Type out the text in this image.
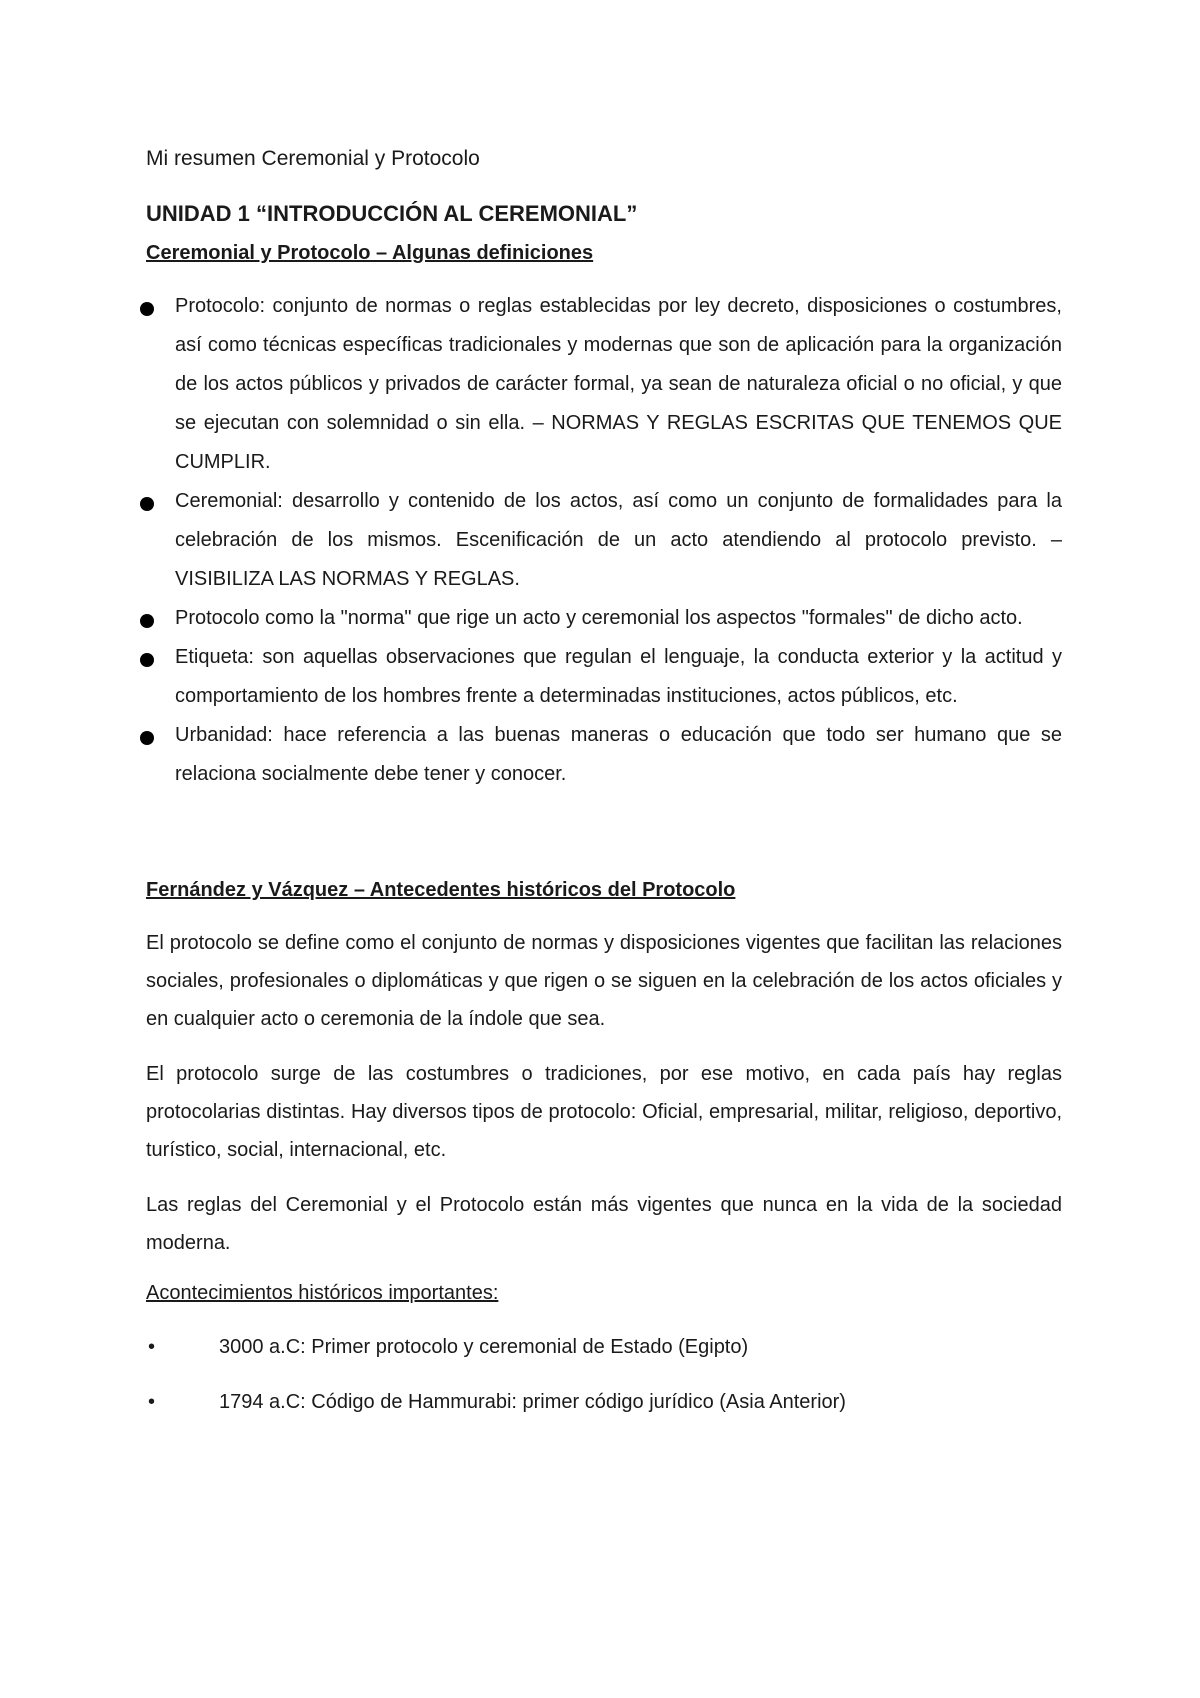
Mi resumen Ceremonial y Protocolo
UNIDAD 1 “INTRODUCCIÓN AL CEREMONIAL”
Ceremonial y Protocolo – Algunas definiciones
Protocolo: conjunto de normas o reglas establecidas por ley decreto, disposiciones o costumbres, así como técnicas específicas tradicionales y modernas que son de aplicación para la organización de los actos públicos y privados de carácter formal, ya sean de naturaleza oficial o no oficial, y que se ejecutan con solemnidad o sin ella. – NORMAS Y REGLAS ESCRITAS QUE TENEMOS QUE CUMPLIR.
Ceremonial: desarrollo y contenido de los actos, así como un conjunto de formalidades para la celebración de los mismos. Escenificación de un acto atendiendo al protocolo previsto. – VISIBILIZA LAS NORMAS Y REGLAS.
Protocolo como la "norma" que rige un acto y ceremonial los aspectos "formales" de dicho acto.
Etiqueta: son aquellas observaciones que regulan el lenguaje, la conducta exterior y la actitud y comportamiento de los hombres frente a determinadas instituciones, actos públicos, etc.
Urbanidad: hace referencia a las buenas maneras o educación que todo ser humano que se relaciona socialmente debe tener y conocer.
Fernández y Vázquez – Antecedentes históricos del Protocolo

El protocolo se define como el conjunto de normas y disposiciones vigentes que facilitan las relaciones sociales, profesionales o diplomáticas y que rigen o se siguen en la celebración de los actos oficiales y en cualquier acto o ceremonia de la índole que sea.

El protocolo surge de las costumbres o tradiciones, por ese motivo, en cada país hay reglas protocolarias distintas. Hay diversos tipos de protocolo: Oficial, empresarial, militar, religioso, deportivo, turístico, social, internacional, etc.

Las reglas del Ceremonial y el Protocolo están más vigentes que nunca en la vida de la sociedad moderna.

Acontecimientos históricos importantes:
•	3000 a.C: Primer protocolo y ceremonial de Estado (Egipto)
•	1794 a.C: Código de Hammurabi: primer código jurídico (Asia Anterior)
